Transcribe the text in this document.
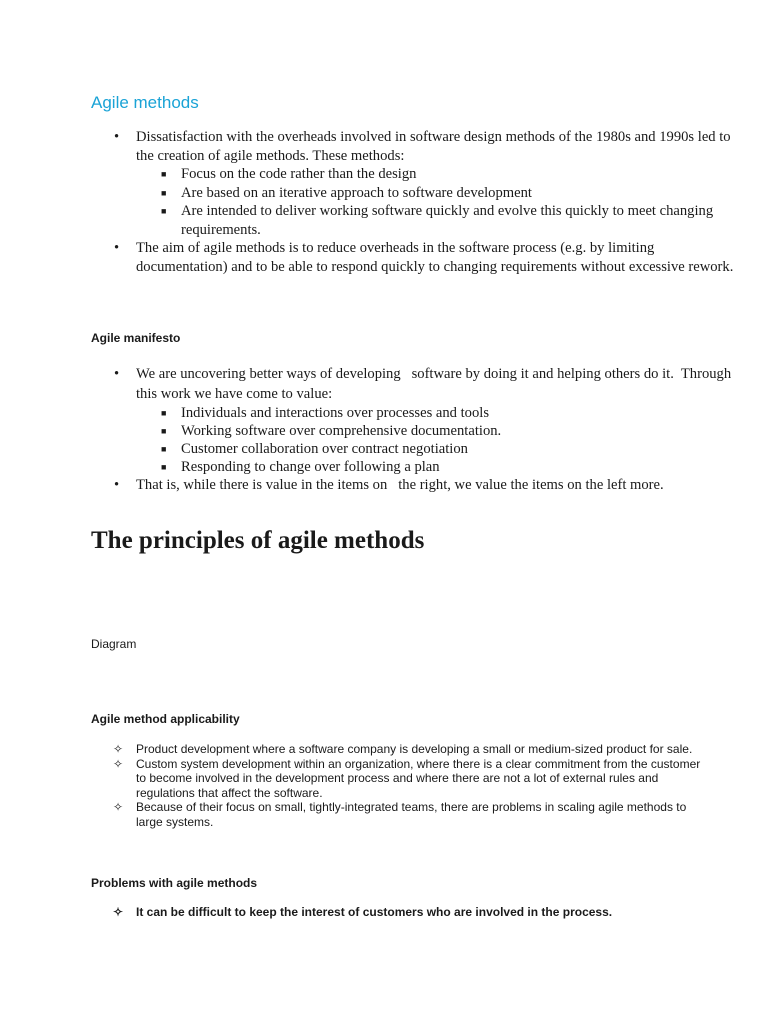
Agile methods
• Dissatisfaction with the overheads involved in software design methods of the 1980s and 1990s led to the creation of agile methods. These methods:
■ Focus on the code rather than the design
■ Are based on an iterative approach to software development
■ Are intended to deliver working software quickly and evolve this quickly to meet changing requirements.
• The aim of agile methods is to reduce overheads in the software process (e.g. by limiting documentation) and to be able to respond quickly to changing requirements without excessive rework.
Agile manifesto
• We are uncovering better ways of developing   software by doing it and helping others do it.  Through this work we have come to value:
■ Individuals and interactions over processes and tools
■ Working software over comprehensive documentation.
■ Customer collaboration over contract negotiation
■ Responding to change over following a plan
• That is, while there is value in the items on   the right, we value the items on the left more.
The principles of agile methods
Diagram
Agile method applicability
✧ Product development where a software company is developing a small or medium-sized product for sale.
✧ Custom system development within an organization, where there is a clear commitment from the customer to become involved in the development process and where there are not a lot of external rules and regulations that affect the software.
✧ Because of their focus on small, tightly-integrated teams, there are problems in scaling agile methods to large systems.
Problems with agile methods
✧ It can be difficult to keep the interest of customers who are involved in the process.
